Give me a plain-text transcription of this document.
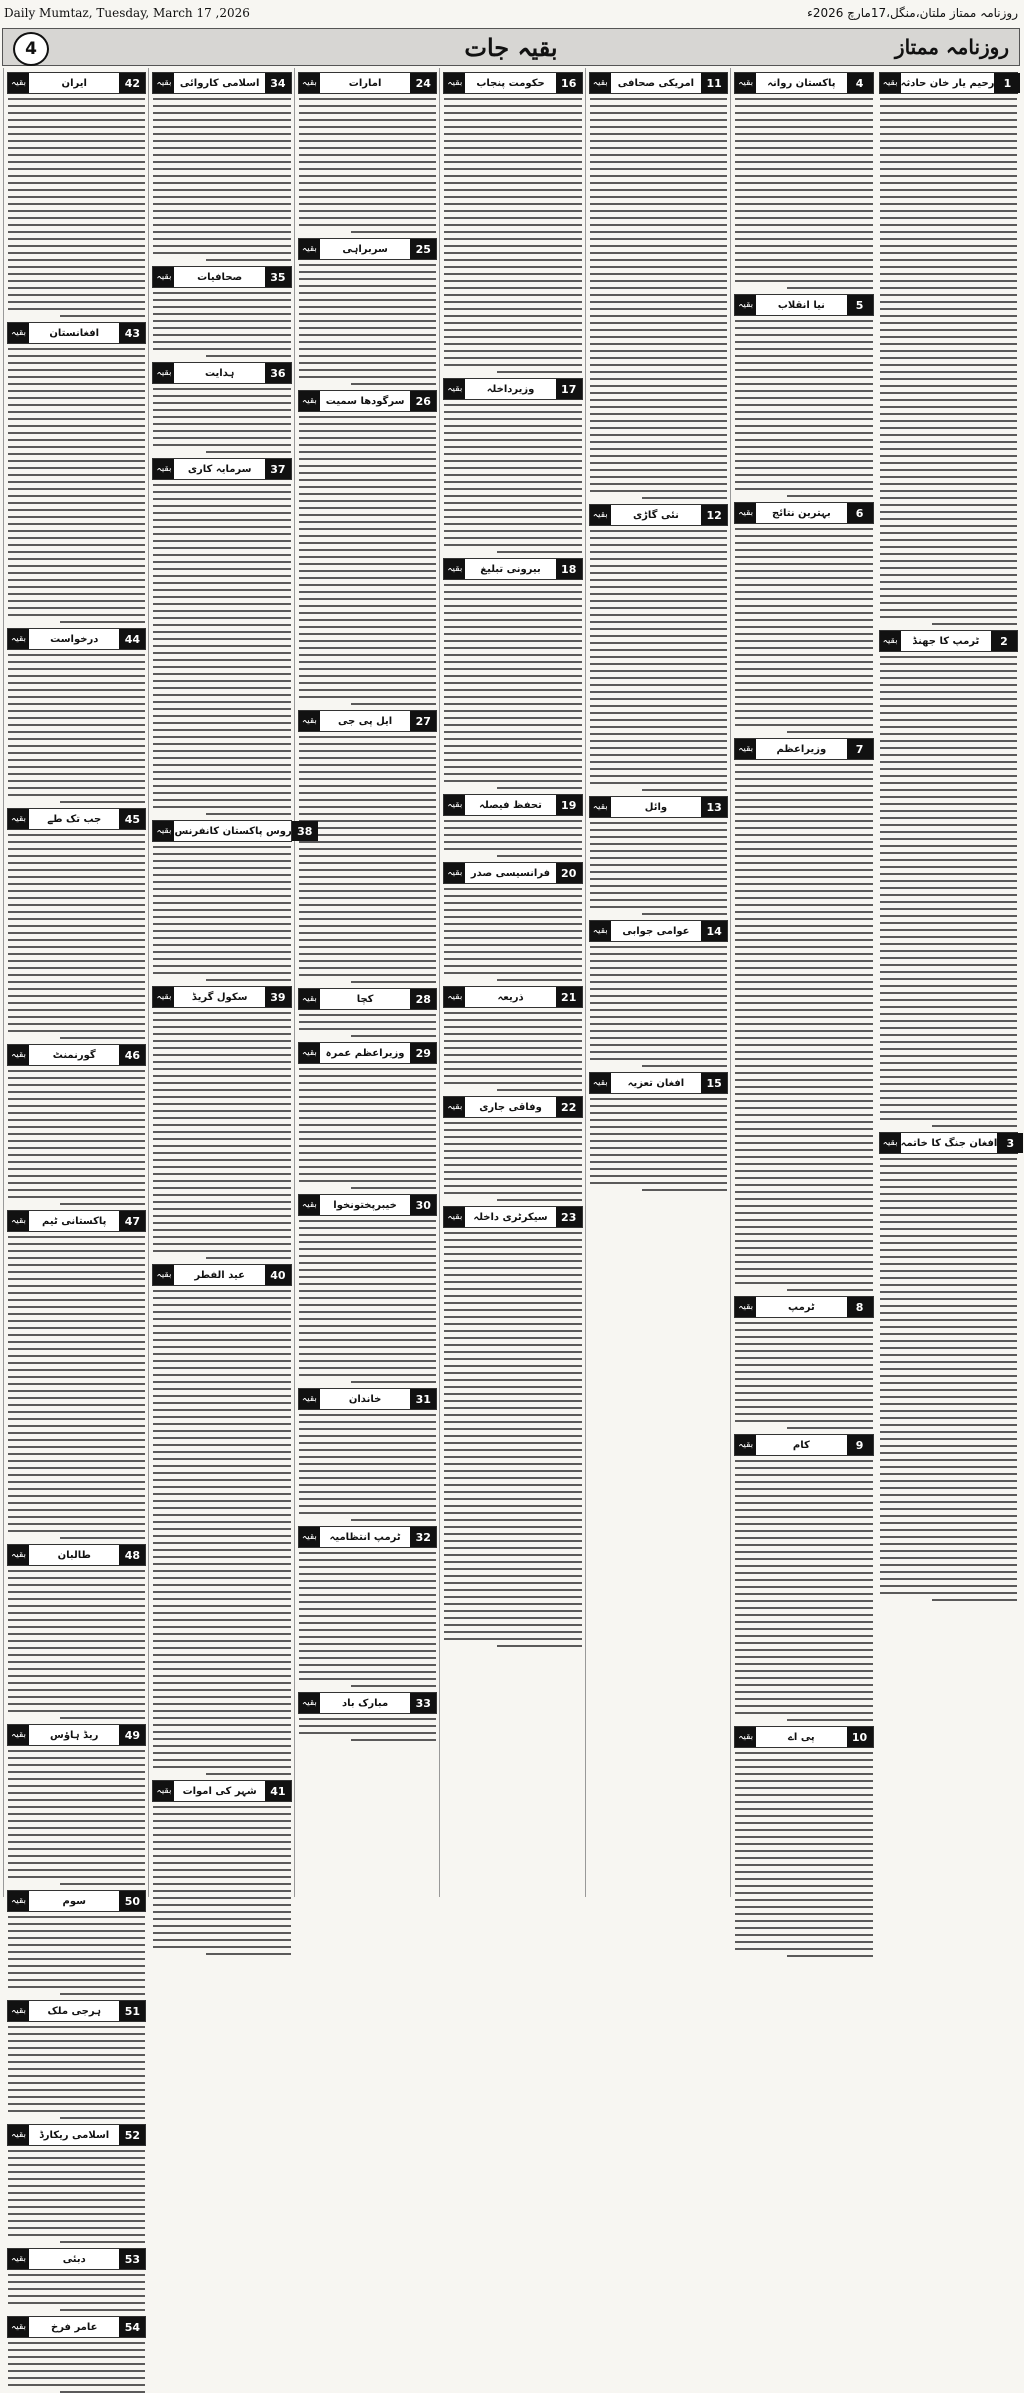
Daily Mumtaz, Tuesday, March 17 ,2026	روزنامہ ممتاز ملتان،منگل،17مارچ 2026ء
4	بقیہ جات	روزنامہ ممتاز
بقیہ رحیم یار خان حادثہ 1
بقیہ	ٹرمپ کا جھنڈ	2
بقیہ افغان جنگ کا خاتمہ 3
بقیہ	پاکستان روانہ	4
بقیہ	نیا انقلاب	5
بقیہ	بہترین نتائج	6
بقیہ	وزیراعظم	7
بقیہ	ٹرمپ	8
بقیہ	کام	9
بقیہ	پی اے	10
بقیہ	امریکی صحافی	11
بقیہ	نئی گاڑی	12
بقیہ	وائل	13
بقیہ	عوامی جوابی	14
بقیہ	افغان تعزیہ	15
بقیہ	حکومت پنجاب	16
بقیہ	وزیرداخلہ	17
بقیہ	بیرونی تبلیغ	18
بقیہ	تحفظ فیصلہ	19
بقیہ فرانسیسی صدر 20
بقیہ	ذریعہ	21
بقیہ	وفاقی جاری	22
بقیہ	سیکرٹری داخلہ	23
بقیہ	امارات	24
بقیہ	سربراہی	25
بقیہ سرگودھا سمیت	26
بقیہ	ایل پی جی	27
بقیہ	کچا	28
بقیہ وزیراعظم عمرہ	29
بقیہ	خیبرپختونخوا	30
بقیہ	خاندان	31
بقیہ	ٹرمپ انتظامیہ	32
بقیہ	مبارک باد	33
بقیہ اسلامی کاروائی 34
بقیہ	صحافیات	35
بقیہ	ہدایت	36
بقیہ	سرمایہ کاری	37
بقیہ روس پاکستان کانفرنس 38
بقیہ	سکول گریڈ	39
بقیہ	عید الفطر	40
بقیہ	شہر کی اموات	41
بقیہ	ایران	42
بقیہ	افغانستان	43
بقیہ	درخواست	44
بقیہ	جب تک طے	45
بقیہ	گورنمنٹ	46
بقیہ	پاکستانی ٹیم	47
بقیہ	طالبان	48
بقیہ	ریڈ ہاؤس	49
بقیہ	سوم	50
بقیہ	ہرجی ملک	51
بقیہ	اسلامی ریکارڈ	52
بقیہ	دبئی	53
بقیہ	عامر فرخ	54
